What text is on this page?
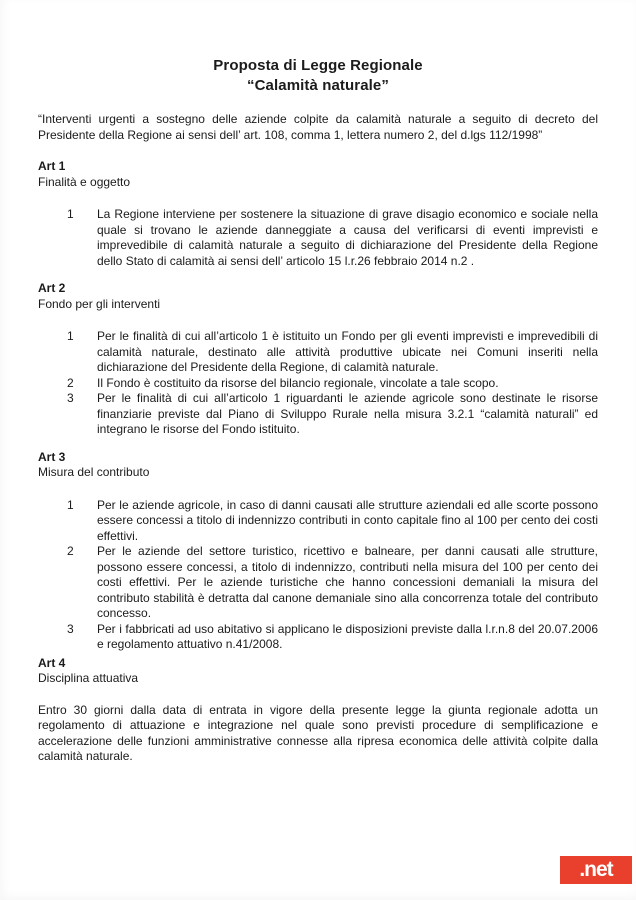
Proposta di Legge Regionale
“Calamità naturale”

“Interventi urgenti a sostegno delle aziende colpite da calamità naturale a seguito di decreto del Presidente della Regione ai sensi dell’ art. 108, comma 1, lettera numero 2, del d.lgs 112/1998”

Art 1
Finalità e oggetto
1	La Regione interviene per sostenere la situazione di grave disagio economico e sociale nella quale si trovano le aziende danneggiate a causa del verificarsi di eventi imprevisti e imprevedibile di calamità naturale a seguito di dichiarazione del Presidente della Regione dello Stato di calamità ai sensi dell’ articolo 15 l.r.26 febbraio 2014 n.2 .
Art 2
Fondo per gli interventi
1	Per le finalità di cui all’articolo 1 è istituito un Fondo per gli eventi imprevisti e imprevedibili di calamità naturale, destinato alle attività produttive ubicate nei Comuni inseriti nella dichiarazione del Presidente della Regione, di calamità naturale.
2	Il Fondo è costituito da risorse del bilancio regionale, vincolate a tale scopo.
3	Per le finalità di cui all’articolo 1 riguardanti le aziende agricole sono destinate le risorse finanziarie previste dal Piano di Sviluppo Rurale nella misura 3.2.1 “calamità naturali” ed integrano le risorse del Fondo istituito.
Art 3
Misura del contributo
1	Per le aziende agricole, in caso di danni causati alle strutture aziendali ed alle scorte possono essere concessi a titolo di indennizzo contributi in conto capitale fino al 100 per cento dei costi effettivi.
2	Per le aziende del settore turistico, ricettivo e balneare, per danni causati alle strutture, possono essere concessi, a titolo di indennizzo, contributi nella misura del 100 per cento dei costi effettivi. Per le aziende turistiche che hanno concessioni demaniali la misura del contributo stabilità è detratta dal canone demaniale sino alla concorrenza totale del contributo concesso.
3	Per i fabbricati ad uso abitativo si applicano le disposizioni previste dalla l.r.n.8 del 20.07.2006 e regolamento attuativo n.41/2008.
Art 4
Disciplina attuativa

Entro 30 giorni dalla data di entrata in vigore della presente legge la giunta regionale adotta un regolamento di attuazione e integrazione nel quale sono previsti procedure di semplificazione e accelerazione delle funzioni amministrative connesse alla ripresa economica delle attività colpite dalla calamità naturale.

.net
